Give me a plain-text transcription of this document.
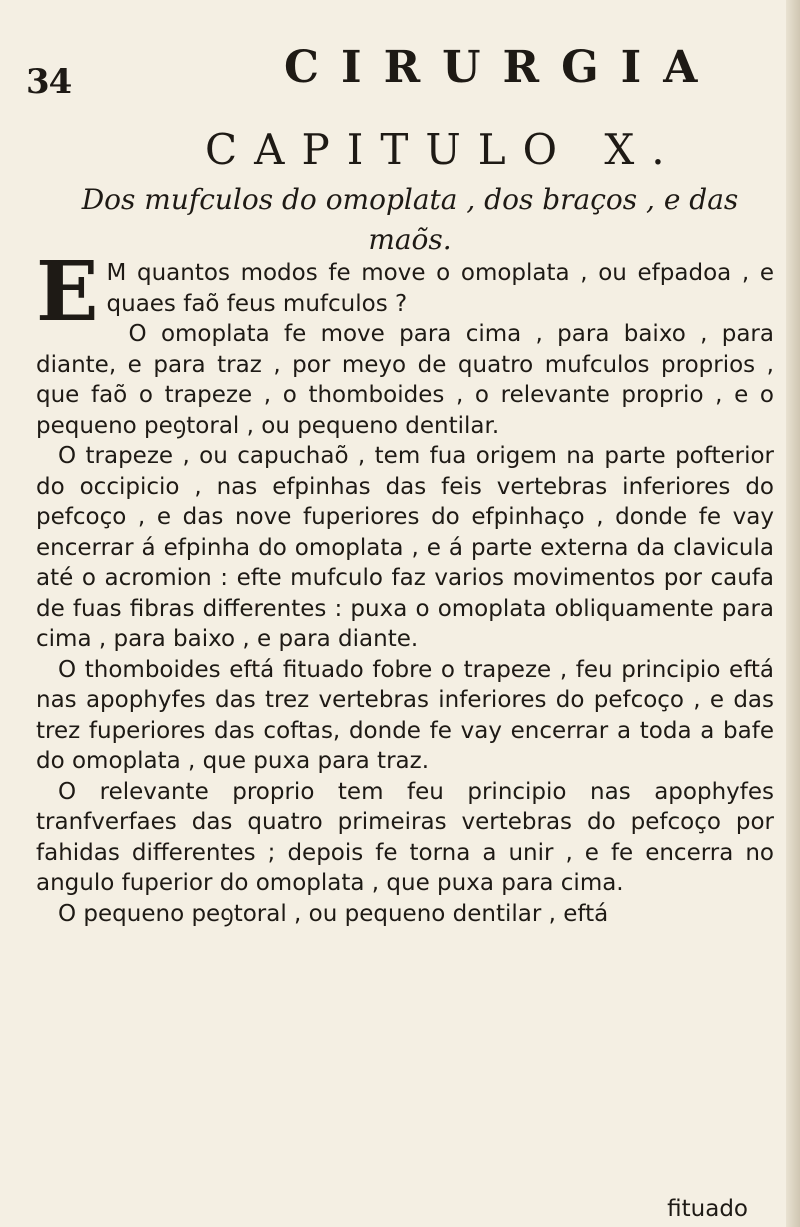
34	CIRURGIA
CAPITULO X.
Dos mufculos do omoplata , dos braços , e das maõs.

E M quantos modos fe move o omoplata , ou efpadoa , e quaes faõ feus mufculos ?

O omoplata fe move para cima , para baixo , para diante, e para traz , por meyo de quatro mufculos proprios , que faõ o trapeze , o thomboides , o relevante proprio , e o pequeno peꝯtoral , ou pequeno dentilar.

O trapeze , ou capuchaõ , tem fua origem na parte pofterior do occipicio , nas efpinhas das feis vertebras inferiores do pefcoço , e das nove fuperiores do efpinhaço , donde fe vay encerrar á efpinha do omoplata , e á parte externa da clavicula até o acromion : efte mufculo faz varios movimentos por caufa de fuas fibras differentes : puxa o omoplata obliquamente para cima , para baixo , e para diante.

O thomboides eftá fituado fobre o trapeze , feu principio eftá nas apophyfes das trez vertebras inferiores do pefcoço , e das trez fuperiores das coftas, donde fe vay encerrar a toda a bafe do omoplata , que puxa para traz.

O relevante proprio tem feu principio nas apophyfes tranfverfaes das quatro primeiras vertebras do pefcoço por fahidas differentes ; depois fe torna a unir , e fe encerra no angulo fuperior do omoplata , que puxa para cima.

O pequeno peꝯtoral , ou pequeno dentilar , eftá

fituado
